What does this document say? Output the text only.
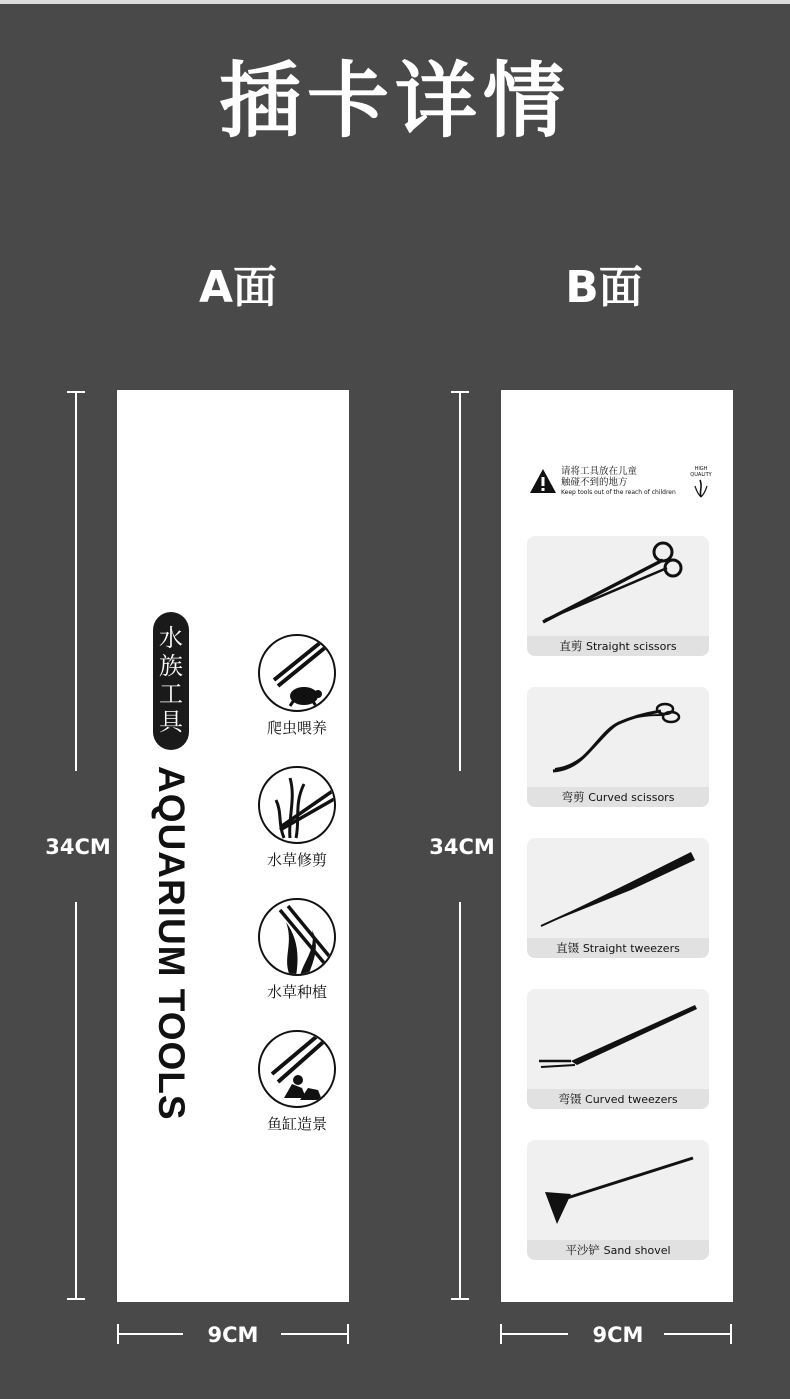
插卡详情
A面	B面
34CM
9CM
34CM
9CM
水
族
工
具
AQUARIUM TOOLS
爬虫喂养
水草修剪
水草种植
鱼缸造景
请将工具放在儿童
触碰不到的地方
Keep tools out of the reach of children
HIGH
QUALITY
直剪 Straight scissors
弯剪 Curved scissors
直镊 Straight tweezers
弯镊 Curved tweezers
平沙铲 Sand shovel
